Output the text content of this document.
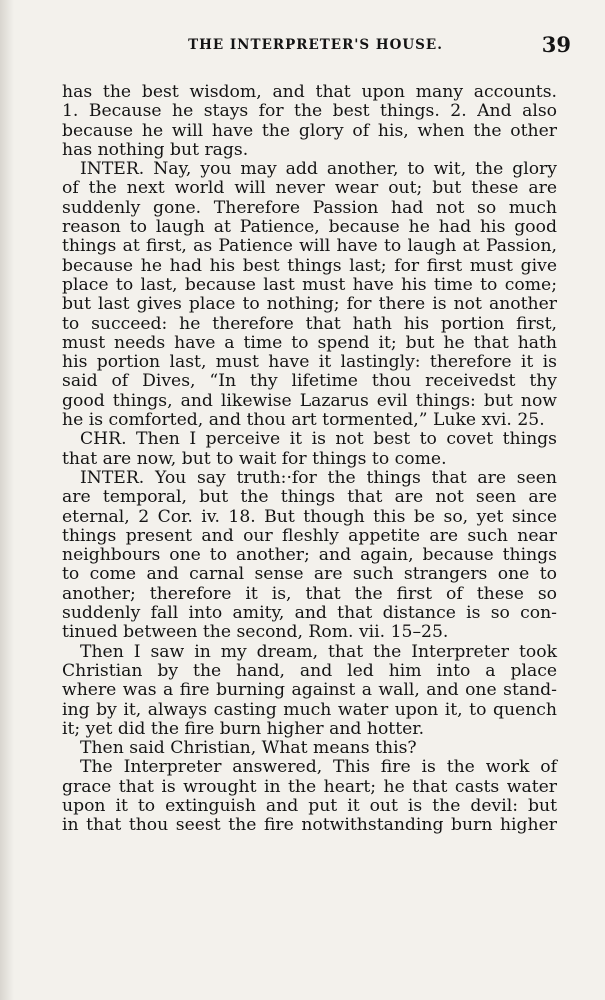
THE INTERPRETER'S HOUSE.	39
has the best wisdom, and that upon many accounts.
1. Because he stays for the best things. 2. And also
because he will have the glory of his, when the other
has nothing but rags.
INTER. Nay, you may add another, to wit, the glory
of the next world will never wear out; but these are
suddenly gone. Therefore Passion had not so much
reason to laugh at Patience, because he had his good
things at first, as Patience will have to laugh at Passion,
because he had his best things last; for first must give
place to last, because last must have his time to come;
but last gives place to nothing; for there is not another
to succeed: he therefore that hath his portion first,
must needs have a time to spend it; but he that hath
his portion last, must have it lastingly: therefore it is
said of Dives, “In thy lifetime thou receivedst thy
good things, and likewise Lazarus evil things: but now
he is comforted, and thou art tormented,” Luke xvi. 25.
CHR. Then I perceive it is not best to covet things
that are now, but to wait for things to come.
INTER. You say truth:·for the things that are seen
are temporal, but the things that are not seen are
eternal, 2 Cor. iv. 18. But though this be so, yet since
things present and our fleshly appetite are such near
neighbours one to another; and again, because things
to come and carnal sense are such strangers one to
another; therefore it is, that the first of these so
suddenly fall into amity, and that distance is so con-
tinued between the second, Rom. vii. 15–25.
Then I saw in my dream, that the Interpreter took
Christian by the hand, and led him into a place
where was a fire burning against a wall, and one stand-
ing by it, always casting much water upon it, to quench
it; yet did the fire burn higher and hotter.
Then said Christian, What means this?
The Interpreter answered, This fire is the work of
grace that is wrought in the heart; he that casts water
upon it to extinguish and put it out is the devil: but
in that thou seest the fire notwithstanding burn higher
